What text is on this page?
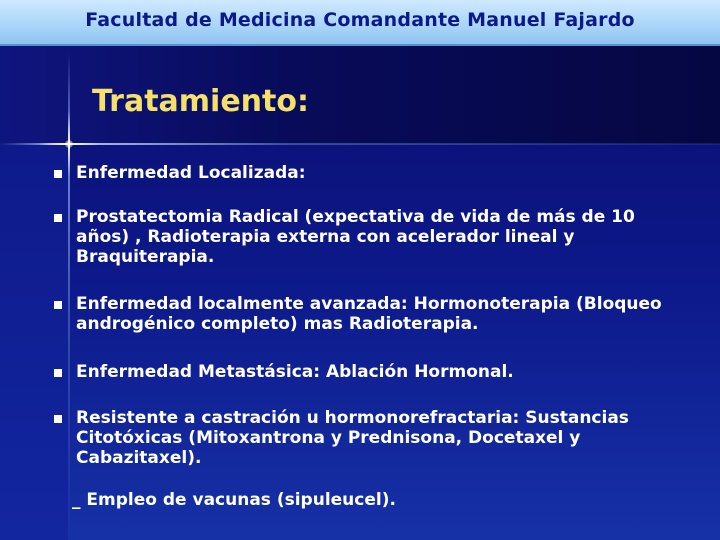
Facultad de Medicina Comandante Manuel Fajardo
Tratamiento:
Enfermedad Localizada:
Prostatectomia Radical (expectativa de vida de más de 10 años) , Radioterapia externa con acelerador lineal y Braquiterapia.
Enfermedad localmente avanzada: Hormonoterapia (Bloqueo androgénico completo) mas Radioterapia.
Enfermedad Metastásica: Ablación Hormonal.
Resistente a castración u hormonorefractaria: Sustancias Citotóxicas (Mitoxantrona y Prednisona, Docetaxel y Cabazitaxel).
_ Empleo de vacunas (sipuleucel).
